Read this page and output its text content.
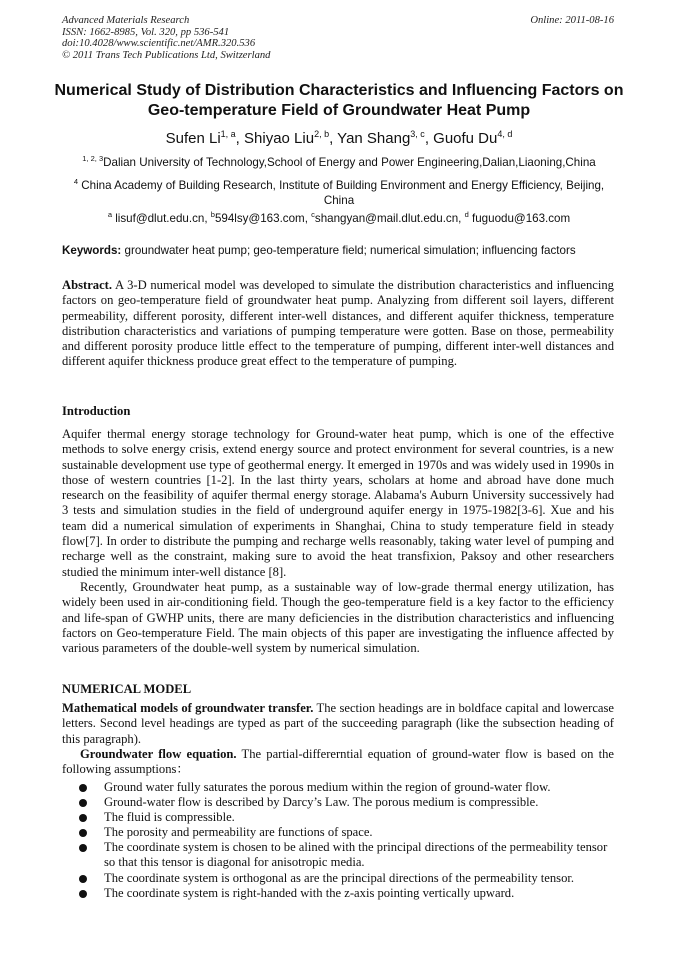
Advanced Materials Research
ISSN: 1662-8985, Vol. 320, pp 536-541
doi:10.4028/www.scientific.net/AMR.320.536
© 2011 Trans Tech Publications Ltd, Switzerland
Online: 2011-08-16
Numerical Study of Distribution Characteristics and Influencing Factors on Geo-temperature Field of Groundwater Heat Pump
Sufen Li$^{1, a}$, Shiyao Liu$^{2, b}$, Yan Shang$^{3, c}$, Guofu Du$^{4, d}$
$^{1, 2, 3}$Dalian University of Technology,School of Energy and Power Engineering,Dalian,Liaoning,China
$^4$ China Academy of Building Research, Institute of Building Environment and Energy Efficiency, Beijing, China
$^a$ lisuf@dlut.edu.cn, $^b$594lsy@163.com, $^c$shangyan@mail.dlut.edu.cn, $^d$ fuguodu@163.com
Keywords: groundwater heat pump; geo-temperature field; numerical simulation; influencing factors

Abstract. A 3-D numerical model was developed to simulate the distribution characteristics and influencing factors on geo-temperature field of groundwater heat pump. Analyzing from different soil layers, different permeability, different porosity, different inter-well distances, and different aquifer thickness, temperature distribution characteristics and variations of pumping temperature were gotten. Base on those, permeability and different porosity produce little effect to the temperature of pumping, different inter-well distances and different aquifer thickness produce great effect to the temperature of pumping.

Introduction

Aquifer thermal energy storage technology for Ground-water heat pump, which is one of the effective methods to solve energy crisis, extend energy source and protect environment for several countries, is a new sustainable development use type of geothermal energy. It emerged in 1970s and was widely used in 1990s in those of western countries [1-2]. In the last thirty years, scholars at home and abroad have done much research on the feasibility of aquifer thermal energy storage. Alabama's Auburn University successively had 3 tests and simulation studies in the field of underground aquifer energy in 1975-1982[3-6]. Xue and his team did a numerical simulation of experiments in Shanghai, China to study temperature field in steady flow[7]. In order to distribute the pumping and recharge wells reasonably, taking water level of pumping and recharge well as the constraint, making sure to avoid the heat transfixion, Paksoy and other researchers studied the minimum inter-well distance [8].

Recently, Groundwater heat pump, as a sustainable way of low-grade thermal energy utilization, has widely been used in air-conditioning field. Though the geo-temperature field is a key factor to the efficiency and life-span of GWHP units, there are many deficiencies in the distribution characteristics and influencing factors on Geo-temperature Field. The main objects of this paper are investigating the influence affected by various parameters of the double-well system by numerical simulation.

NUMERICAL MODEL

Mathematical models of groundwater transfer. The section headings are in boldface capital and lowercase letters. Second level headings are typed as part of the succeeding paragraph (like the subsection heading of this paragraph).

Groundwater flow equation. The partial-differerntial equation of ground-water flow is based on the following assumptions：

Ground water fully saturates the porous medium within the region of ground-water flow.
Ground-water flow is described by Darcy’s Law. The porous medium is compressible.
The fluid is compressible.
The porosity and permeability are functions of space.
The coordinate system is chosen to be alined with the principal directions of the permeability tensor so that this tensor is diagonal for anisotropic media.
The coordinate system is orthogonal as are the principal directions of the permeability tensor.
The coordinate system is right-handed with the z-axis pointing vertically upward.
